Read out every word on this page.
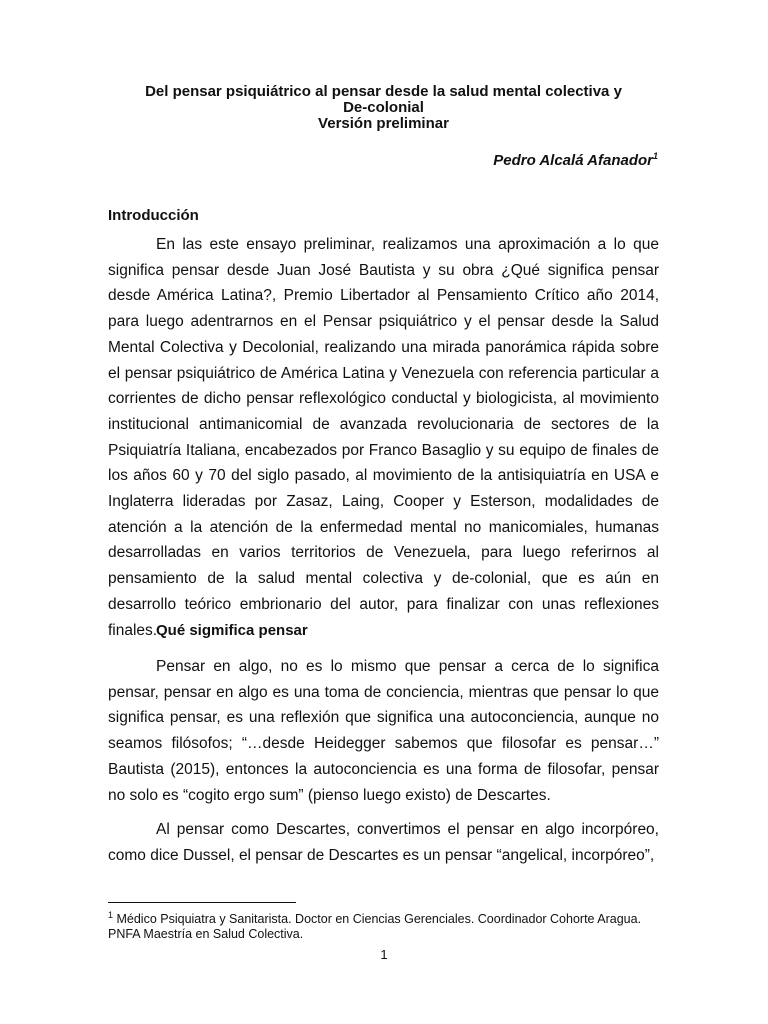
Del pensar psiquiátrico al pensar desde la salud mental colectiva y
De-colonial
Versión preliminar
Pedro Alcalá Afanador$^1$
Introducción

En las este ensayo preliminar, realizamos una aproximación a lo que significa pensar desde Juan José Bautista y su obra ¿Qué significa pensar desde América Latina?, Premio Libertador al Pensamiento Crítico año 2014, para luego adentrarnos en el Pensar psiquiátrico y el pensar desde la Salud Mental Colectiva y Decolonial, realizando una mirada panorámica rápida sobre el pensar psiquiátrico de América Latina y Venezuela con referencia particular a corrientes de dicho pensar reflexológico conductal y biologicista, al movimiento institucional antimanicomial de avanzada revolucionaria de sectores de la Psiquiatría Italiana, encabezados por Franco Basaglio y su equipo de finales de los años 60 y 70 del siglo pasado, al movimiento de la antisiquiatría en USA e Inglaterra lideradas por Zasaz, Laing, Cooper y Esterson, modalidades de atención a la atención de la enfermedad mental no manicomiales, humanas desarrolladas en varios territorios de Venezuela, para luego referirnos al pensamiento de la salud mental colectiva y de-colonial, que es aún en desarrollo teórico embrionario del autor, para finalizar con unas reflexiones finales.

Qué sigmifica pensar

Pensar en algo, no es lo mismo que pensar a cerca de lo significa pensar, pensar en algo es una toma de conciencia, mientras que pensar lo que significa pensar, es una reflexión que significa una autoconciencia, aunque no seamos filósofos; “…desde Heidegger sabemos que filosofar es pensar…” Bautista (2015), entonces la autoconciencia es una forma de filosofar, pensar no solo es “cogito ergo sum” (pienso luego existo) de Descartes.

Al pensar como Descartes, convertimos el pensar en algo incorpóreo, como dice Dussel, el pensar de Descartes es un pensar “angelical, incorpóreo”,

$^1$ Médico Psiquiatra y Sanitarista. Doctor en Ciencias Gerenciales. Coordinador Cohorte Aragua. PNFA Maestría en Salud Colectiva.
1
